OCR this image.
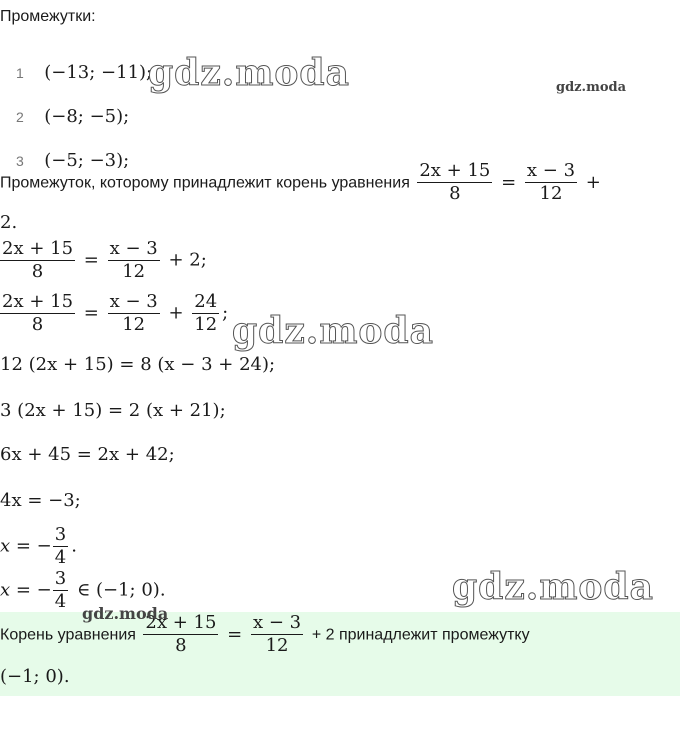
Промежутки:
1 (−13; −11);
2 (−8; −5);
3 (−5; −3);
Промежуток, которому принадлежит корень уравнения $\frac{2x + 15}{8} = \frac{x - 3}{12}$ +
2.
$\frac{2x + 15}{8} = \frac{x - 3}{12} + 2$;
$\frac{2x + 15}{8} = \frac{x - 3}{12} + \frac{24}{12}$ ;
12 (2x + 15) = 8 (x − 3 + 24);
3 (2x + 15) = 2 (x + 21);
6x + 45 = 2x + 42;
4x = −3;
x = − $\frac{3}{4}$ .
x = − $\frac{3}{4}$ ∈ (−1; 0).
Корень уравнения $\frac{2x + 15}{8} = \frac{x - 3}{12} + 2$ принадлежит промежутку
(−1; 0).
gdz.moda	gdz.moda
gdz.moda
gdz.moda
gdz.moda
